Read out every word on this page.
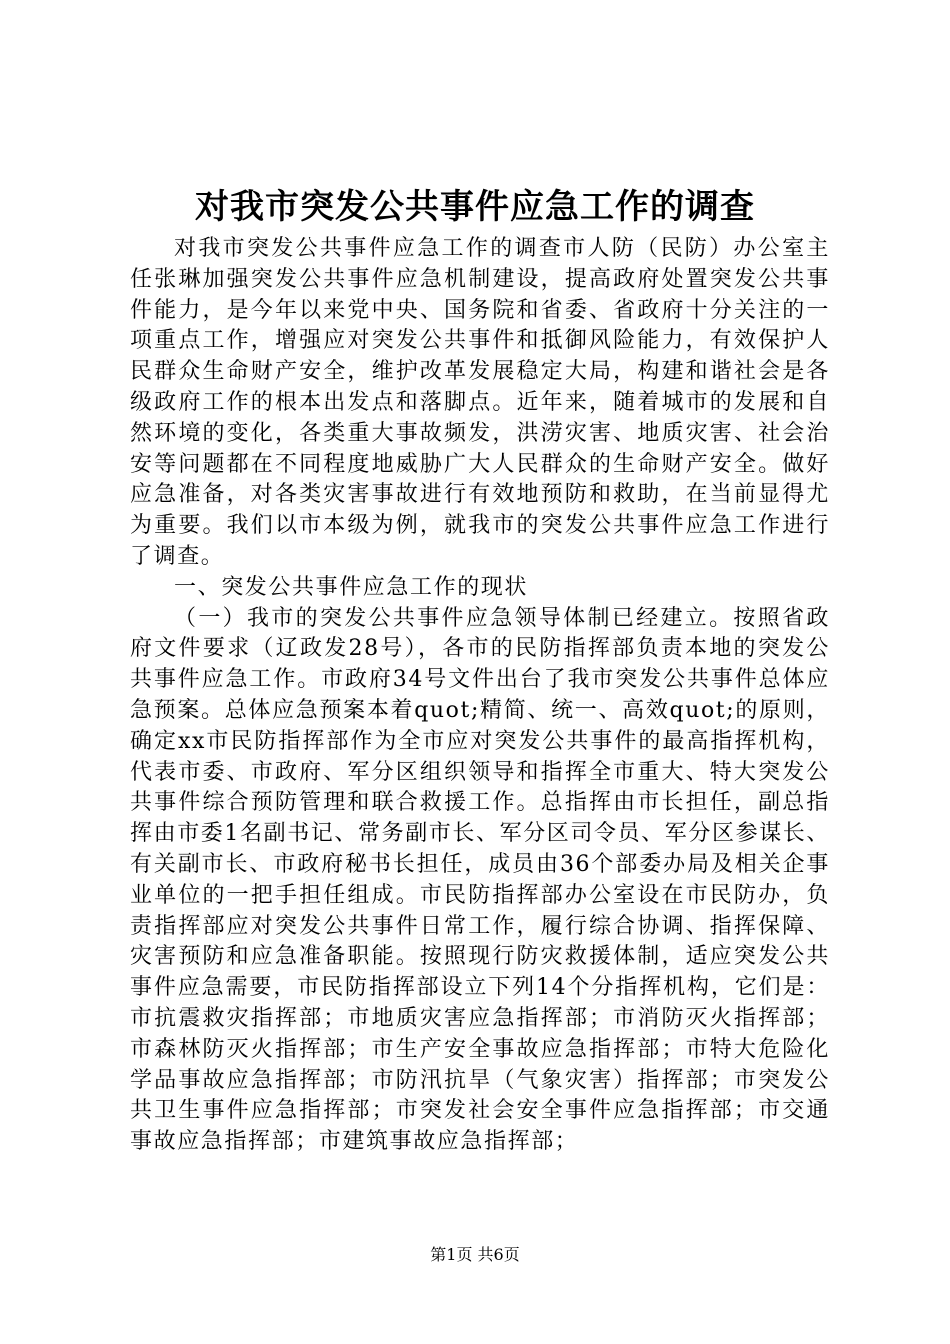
对我市突发公共事件应急工作的调查

对我市突发公共事件应急工作的调查市人防（民防）办公室主任张琳加强突发公共事件应急机制建设，提高政府处置突发公共事件能力，是今年以来党中央、国务院和省委、省政府十分关注的一项重点工作，增强应对突发公共事件和抵御风险能力，有效保护人民群众生命财产安全，维护改革发展稳定大局，构建和谐社会是各级政府工作的根本出发点和落脚点。近年来，随着城市的发展和自然环境的变化，各类重大事故频发，洪涝灾害、地质灾害、社会治安等问题都在不同程度地威胁广大人民群众的生命财产安全。做好应急准备，对各类灾害事故进行有效地预防和救助，在当前显得尤为重要。我们以市本级为例，就我市的突发公共事件应急工作进行了调查。

一、突发公共事件应急工作的现状

（一）我市的突发公共事件应急领导体制已经建立。按照省政府文件要求（辽政发28号），各市的民防指挥部负责本地的突发公共事件应急工作。市政府34号文件出台了我市突发公共事件总体应急预案。总体应急预案本着quot;精简、统一、高效quot;的原则，确定xx市民防指挥部作为全市应对突发公共事件的最高指挥机构，代表市委、市政府、军分区组织领导和指挥全市重大、特大突发公共事件综合预防管理和联合救援工作。总指挥由市长担任，副总指挥由市委1名副书记、常务副市长、军分区司令员、军分区参谋长、有关副市长、市政府秘书长担任，成员由36个部委办局及相关企事业单位的一把手担任组成。市民防指挥部办公室设在市民防办，负责指挥部应对突发公共事件日常工作，履行综合协调、指挥保障、灾害预防和应急准备职能。按照现行防灾救援体制，适应突发公共事件应急需要，市民防指挥部设立下列14个分指挥机构，它们是：市抗震救灾指挥部；市地质灾害应急指挥部；市消防灭火指挥部；市森林防灭火指挥部；市生产安全事故应急指挥部；市特大危险化学品事故应急指挥部；市防汛抗旱（气象灾害）指挥部；市突发公共卫生事件应急指挥部；市突发社会安全事件应急指挥部；市交通事故应急指挥部；市建筑事故应急指挥部；

第1页 共6页
